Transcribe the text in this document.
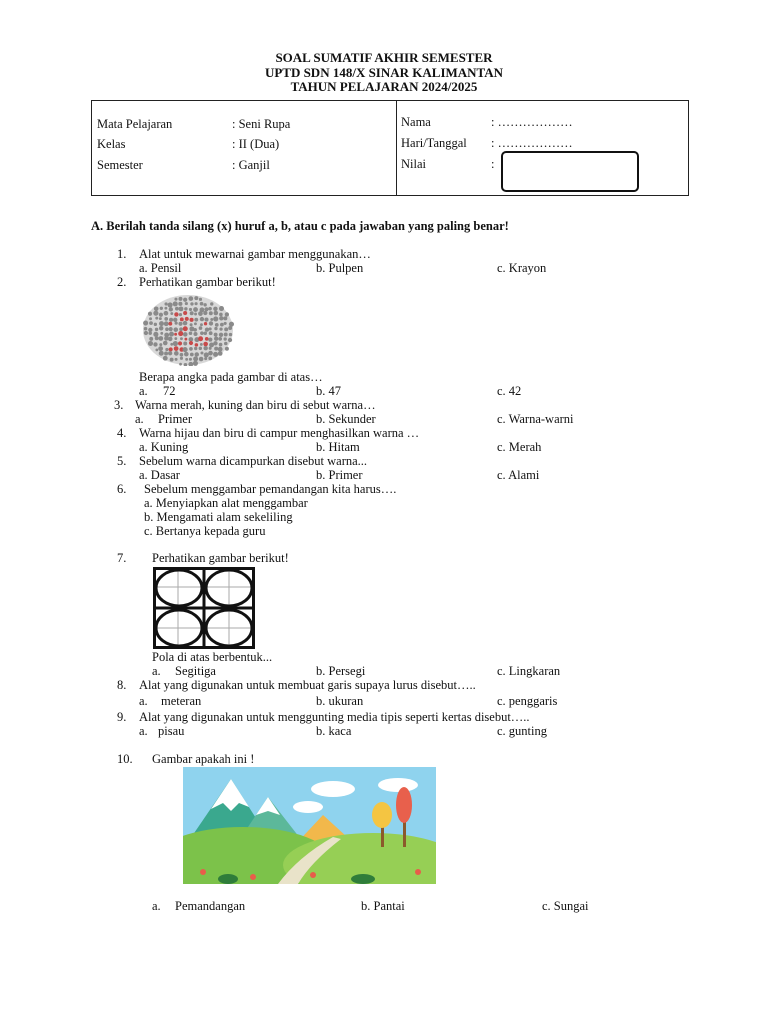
SOAL SUMATIF AKHIR SEMESTER
UPTD SDN 148/X SINAR KALIMANTAN
TAHUN PELAJARAN 2024/2025
Mata Pelajaran	: Seni Rupa
Kelas	: II (Dua)
Semester	: Ganjil
Nama	: ………………
Hari/Tanggal : ………………
Nilai	:
A. Berilah tanda silang (x) huruf a, b, atau c pada jawaban yang paling benar!
1. Alat untuk mewarnai gambar menggunakan…
a. Pensil	b. Pulpen	c. Krayon
2. Perhatikan gambar berikut!
Berapa angka pada gambar di atas…
a. 72	b. 47	c. 42
3. Warna merah, kuning dan biru di sebut warna…
a. Primer	b. Sekunder	c. Warna-warni
4. Warna hijau dan biru di campur menghasilkan warna …
a. Kuning	b. Hitam	c. Merah
5. Sebelum warna dicampurkan disebut warna...
a. Dasar	b. Primer	c. Alami
6. Sebelum menggambar pemandangan kita harus….
a. Menyiapkan alat menggambar
b. Mengamati alam sekeliling
c. Bertanya kepada guru
7. Perhatikan gambar berikut!
Pola di atas berbentuk...
a. Segitiga	b. Persegi	c. Lingkaran
8. Alat yang digunakan untuk membuat garis supaya lurus disebut…..
a. meteran	b. ukuran	c. penggaris
9. Alat yang digunakan untuk menggunting media tipis seperti kertas disebut…..
a. pisau	b. kaca	c. gunting
10. Gambar apakah ini !
a. Pemandangan	b. Pantai	c. Sungai
